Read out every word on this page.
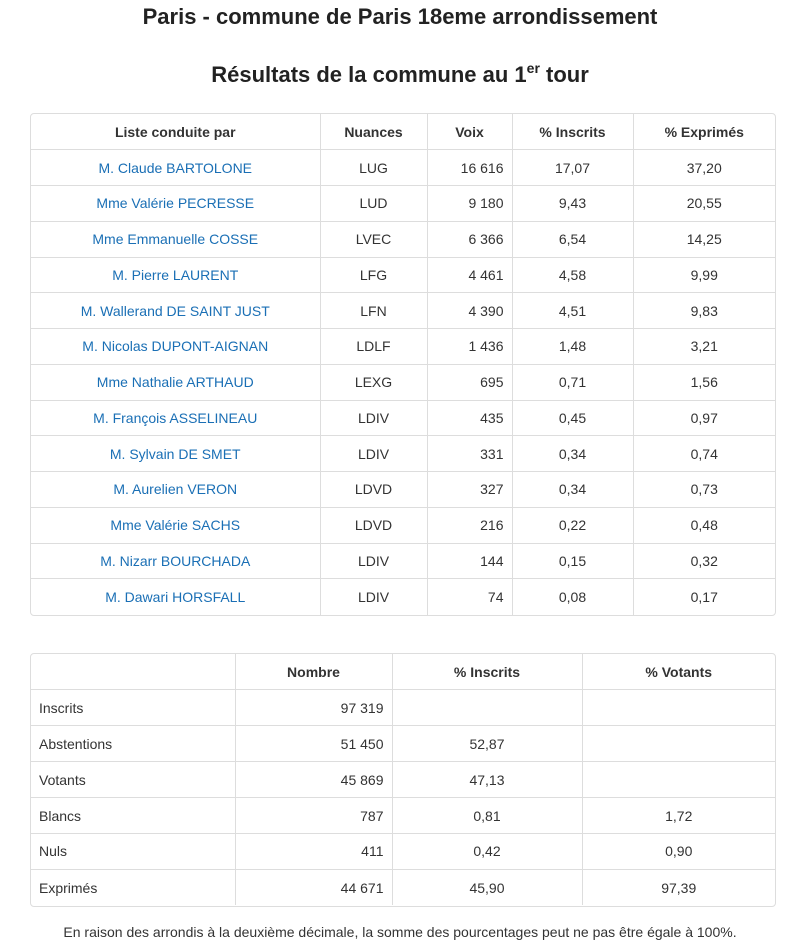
Paris - commune de Paris 18eme arrondissement
Résultats de la commune au 1er tour
Liste conduite par	Nuances	Voix	% Inscrits	% Exprimés
M. Claude BARTOLONE	LUG	16 616	17,07	37,20
Mme Valérie PECRESSE	LUD	9 180	9,43	20,55
Mme Emmanuelle COSSE	LVEC	6 366	6,54	14,25
M. Pierre LAURENT	LFG	4 461	4,58	9,99
M. Wallerand DE SAINT JUST	LFN	4 390	4,51	9,83
M. Nicolas DUPONT-AIGNAN	LDLF	1 436	1,48	3,21
Mme Nathalie ARTHAUD	LEXG	695	0,71	1,56
M. François ASSELINEAU	LDIV	435	0,45	0,97
M. Sylvain DE SMET	LDIV	331	0,34	0,74
M. Aurelien VERON	LDVD	327	0,34	0,73
Mme Valérie SACHS	LDVD	216	0,22	0,48
M. Nizarr BOURCHADA	LDIV	144	0,15	0,32
M. Dawari HORSFALL	LDIV	74	0,08	0,17
	Nombre	% Inscrits	% Votants
Inscrits	97 319		
Abstentions	51 450	52,87	
Votants	45 869	47,13	
Blancs	787	0,81	1,72
Nuls	411	0,42	0,90
Exprimés	44 671	45,90	97,39

En raison des arrondis à la deuxième décimale, la somme des pourcentages peut ne pas être égale à 100%.
